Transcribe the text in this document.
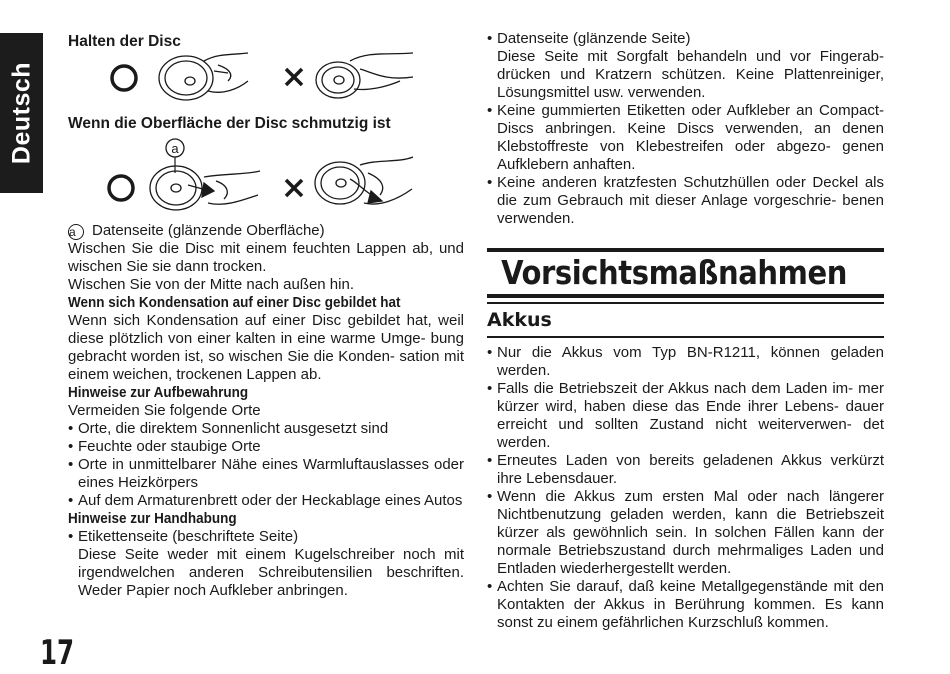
Deutsch
Halten der Disc
Wenn die Oberfläche der Disc schmutzig ist
a
a Datenseite (glänzende Oberfläche)
Wischen Sie die Disc mit einem feuchten Lappen ab, und wischen Sie sie dann trocken.
Wischen Sie von der Mitte nach außen hin.
Wenn sich Kondensation auf einer Disc gebildet hat
Wenn sich Kondensation auf einer Disc gebildet hat, weil diese plötzlich von einer kalten in eine warme Umge- bung gebracht worden ist, so wischen Sie die Konden- sation mit einem weichen, trockenen Lappen ab.
Hinweise zur Aufbewahrung
Vermeiden Sie folgende Orte
• Orte, die direktem Sonnenlicht ausgesetzt sind
• Feuchte oder staubige Orte
• Orte in unmittelbarer Nähe eines Warmluftauslasses oder eines Heizkörpers
• Auf dem Armaturenbrett oder der Heckablage eines Autos
Hinweise zur Handhabung
• Etikettenseite (beschriftete Seite)
Diese Seite weder mit einem Kugelschreiber noch mit irgendwelchen anderen Schreibutensilien beschriften. Weder Papier noch Aufkleber anbringen.
• Datenseite (glänzende Seite)
Diese Seite mit Sorgfalt behandeln und vor Fingerab- drücken und Kratzern schützen. Keine Plattenreiniger, Lösungsmittel usw. verwenden.
• Keine gummierten Etiketten oder Aufkleber an Compact-Discs anbringen. Keine Discs verwenden, an denen Klebstoffreste von Klebestreifen oder abgezo- genen Aufklebern anhaften.
• Keine anderen kratzfesten Schutzhüllen oder Deckel als die zum Gebrauch mit dieser Anlage vorgeschrie- benen verwenden.
Vorsichtsmaßnahmen
Akkus
• Nur die Akkus vom Typ BN-R1211, können geladen werden.
• Falls die Betriebszeit der Akkus nach dem Laden im- mer kürzer wird, haben diese das Ende ihrer Lebens- dauer erreicht und sollten Zustand nicht weiterverwen- det werden.
• Erneutes Laden von bereits geladenen Akkus verkürzt ihre Lebensdauer.
• Wenn die Akkus zum ersten Mal oder nach längerer Nichtbenutzung geladen werden, kann die Betriebszeit kürzer als gewöhnlich sein. In solchen Fällen kann der normale Betriebszustand durch mehrmaliges Laden und Entladen wiederhergestellt werden.
• Achten Sie darauf, daß keine Metallgegenstände mit den Kontakten der Akkus in Berührung kommen. Es kann sonst zu einem gefährlichen Kurzschluß kommen.
17
